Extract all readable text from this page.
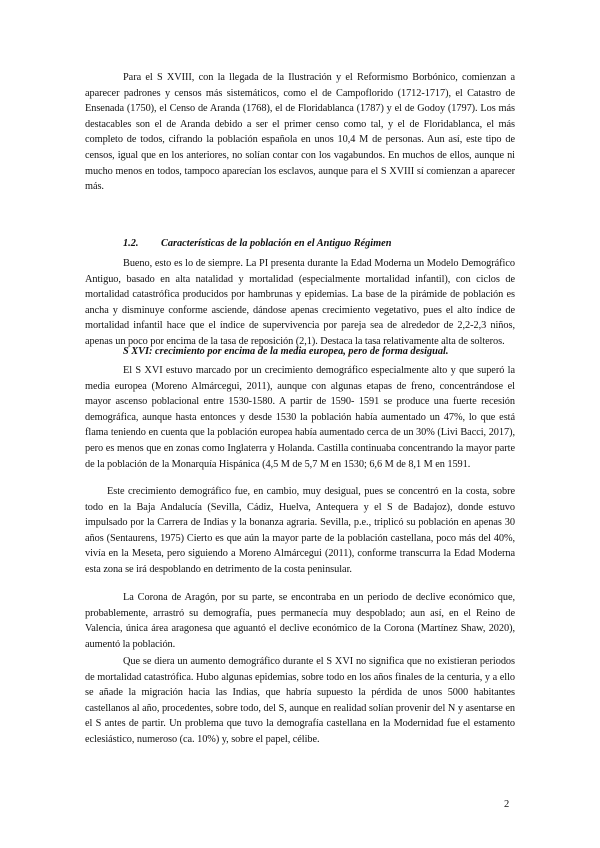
Para el S XVIII, con la llegada de la Ilustración y el Reformismo Borbónico, comienzan a aparecer padrones y censos más sistemáticos, como el de Campoflorido (1712-1717), el Catastro de Ensenada (1750), el Censo de Aranda (1768), el de Floridablanca (1787) y el de Godoy (1797). Los más destacables son el de Aranda debido a ser el primer censo como tal, y el de Floridablanca, el más completo de todos, cifrando la población española en unos 10,4 M de personas. Aun así, este tipo de censos, igual que en los anteriores, no solían contar con los vagabundos. En muchos de ellos, aunque ni mucho menos en todos, tampoco aparecían los esclavos, aunque para el S XVIII sí comienzan a aparecer más.

1.2. Características de la población en el Antiguo Régimen

Bueno, esto es lo de siempre. La PI presenta durante la Edad Moderna un Modelo Demográfico Antiguo, basado en alta natalidad y mortalidad (especialmente mortalidad infantil), con ciclos de mortalidad catastrófica producidos por hambrunas y epidemias. La base de la pirámide de población es ancha y disminuye conforme asciende, dándose apenas crecimiento vegetativo, pues el alto índice de mortalidad infantil hace que el índice de supervivencia por pareja sea de alrededor de 2,2-2,3 niños, apenas un poco por encima de la tasa de reposición (2,1). Destaca la tasa relativamente alta de solteros.

S XVI: crecimiento por encima de la media europea, pero de forma desigual.

El S XVI estuvo marcado por un crecimiento demográfico especialmente alto y que superó la media europea (Moreno Almárcegui, 2011), aunque con algunas etapas de freno, concentrándose el mayor ascenso poblacional entre 1530-1580. A partir de 1590- 1591 se produce una fuerte recesión demográfica, aunque hasta entonces y desde 1530 la población había aumentado un 47%, lo que está flama teniendo en cuenta que la población europea había aumentado cerca de un 30% (Livi Bacci, 2017), pero es menos que en zonas como Inglaterra y Holanda. Castilla continuaba concentrando la mayor parte de la población de la Monarquía Hispánica (4,5 M de 5,7 M en 1530; 6,6 M de 8,1 M en 1591.

Este crecimiento demográfico fue, en cambio, muy desigual, pues se concentró en la costa, sobre todo en la Baja Andalucía (Sevilla, Cádiz, Huelva, Antequera y el S de Badajoz), donde estuvo impulsado por la Carrera de Indias y la bonanza agraria. Sevilla, p.e., triplicó su población en apenas 30 años (Sentaurens, 1975) Cierto es que aún la mayor parte de la población castellana, poco más del 40%, vivía en la Meseta, pero siguiendo a Moreno Almárcegui (2011), conforme transcurra la Edad Moderna esta zona se irá despoblando en detrimento de la costa peninsular.

La Corona de Aragón, por su parte, se encontraba en un periodo de declive económico que, probablemente, arrastró su demografía, pues permanecía muy despoblado; aun así, en el Reino de Valencia, única área aragonesa que aguantó el declive económico de la Corona (Martínez Shaw, 2020), aumentó la población.

Que se diera un aumento demográfico durante el S XVI no significa que no existieran periodos de mortalidad catastrófica. Hubo algunas epidemias, sobre todo en los años finales de la centuria, y a ello se añade la migración hacia las Indias, que habría supuesto la pérdida de unos 5000 habitantes castellanos al año, procedentes, sobre todo, del S, aunque en realidad solían provenir del N y asentarse en el S antes de partir. Un problema que tuvo la demografía castellana en la Modernidad fue el estamento eclesiástico, numeroso (ca. 10%) y, sobre el papel, célibe.

2
